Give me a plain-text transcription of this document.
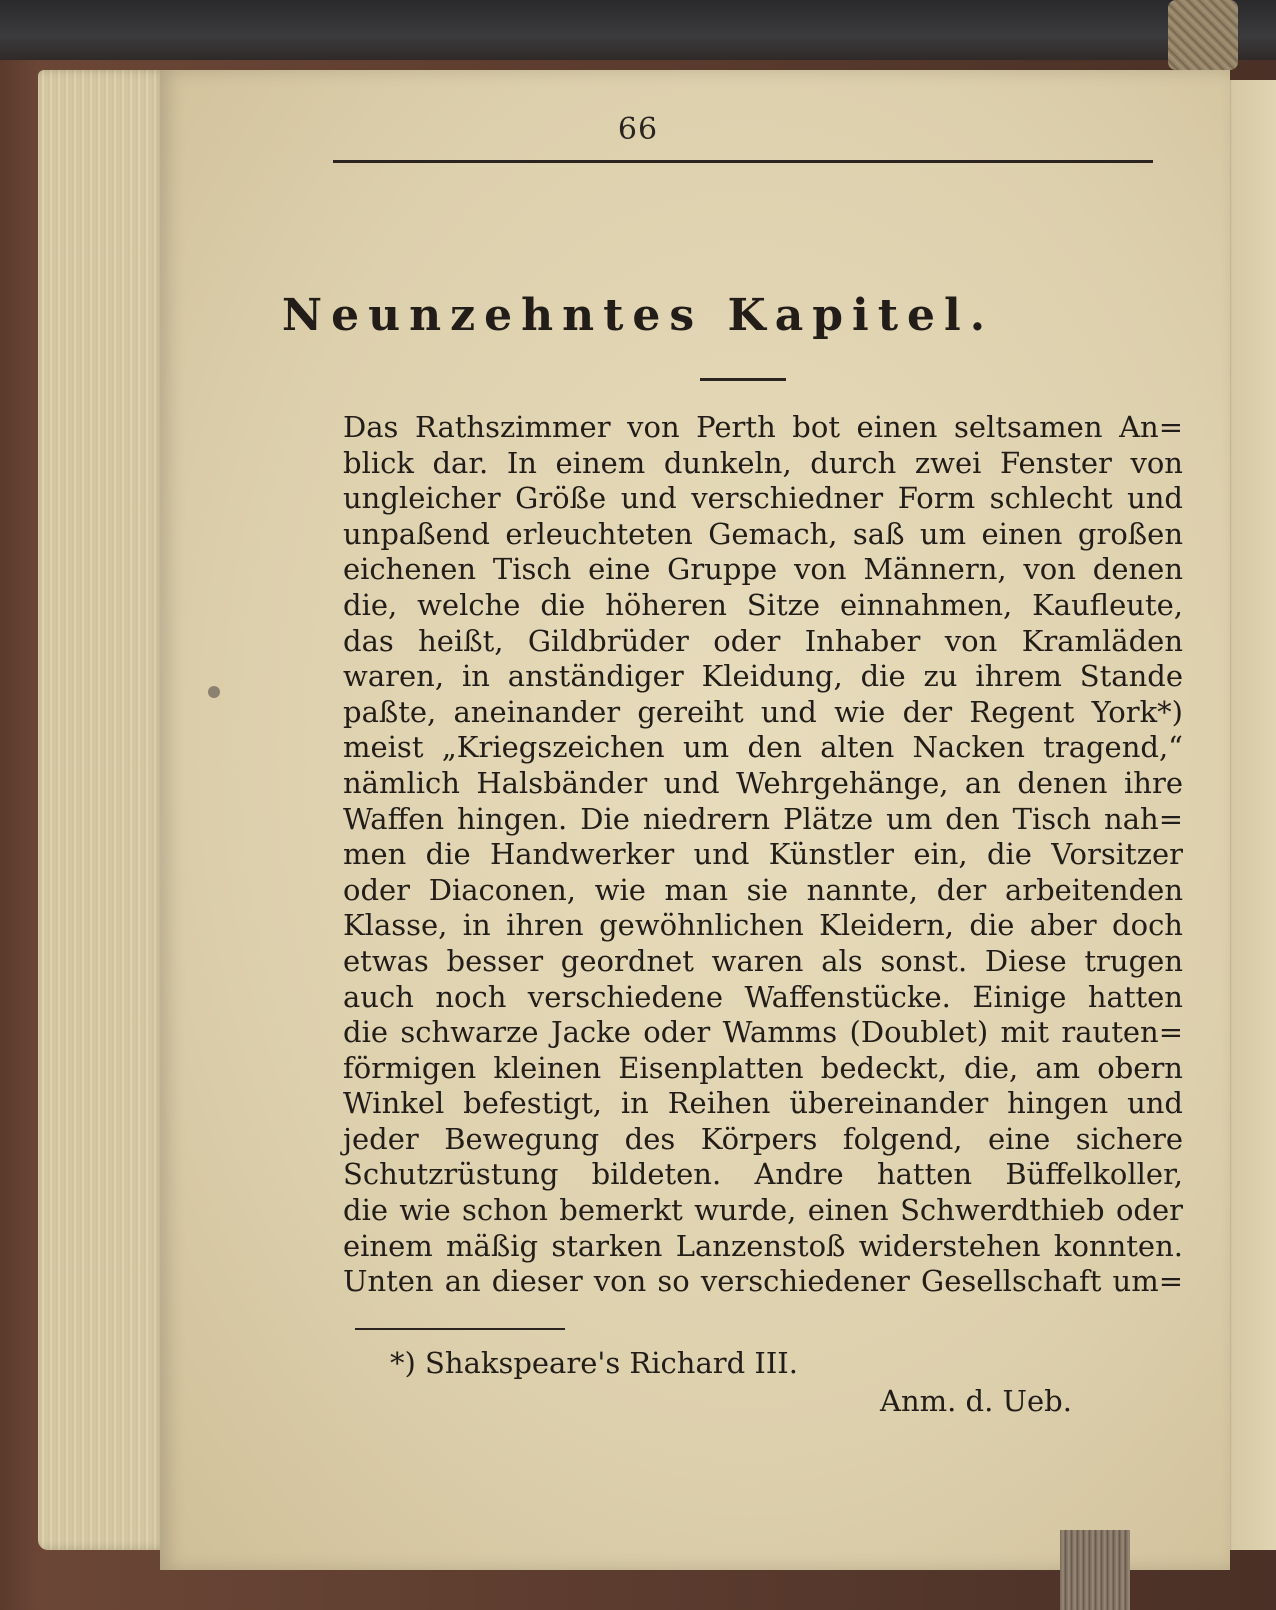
66
Neunzehntes Kapitel.
Das Rathszimmer von Perth bot einen seltsamen An=
blick dar. In einem dunkeln, durch zwei Fenster von
ungleicher Größe und verschiedner Form schlecht und
unpaßend erleuchteten Gemach, saß um einen großen
eichenen Tisch eine Gruppe von Männern, von denen
die, welche die höheren Sitze einnahmen, Kaufleute,
das heißt, Gildbrüder oder Inhaber von Kramläden
waren, in anständiger Kleidung, die zu ihrem Stande
paßte, aneinander gereiht und wie der Regent York*)
meist „Kriegszeichen um den alten Nacken tragend,“
nämlich Halsbänder und Wehrgehänge, an denen ihre
Waffen hingen. Die niedrern Plätze um den Tisch nah=
men die Handwerker und Künstler ein, die Vorsitzer
oder Diaconen, wie man sie nannte, der arbeitenden
Klasse, in ihren gewöhnlichen Kleidern, die aber doch
etwas besser geordnet waren als sonst. Diese trugen
auch noch verschiedene Waffenstücke. Einige hatten
die schwarze Jacke oder Wamms (Doublet) mit rauten=
förmigen kleinen Eisenplatten bedeckt, die, am obern
Winkel befestigt, in Reihen übereinander hingen und
jeder Bewegung des Körpers folgend, eine sichere
Schutzrüstung bildeten. Andre hatten Büffelkoller,
die wie schon bemerkt wurde, einen Schwerdthieb oder
einem mäßig starken Lanzenstoß widerstehen konnten.
Unten an dieser von so verschiedener Gesellschaft um=
*) Shakspeare's Richard III.
Anm. d. Ueb.
